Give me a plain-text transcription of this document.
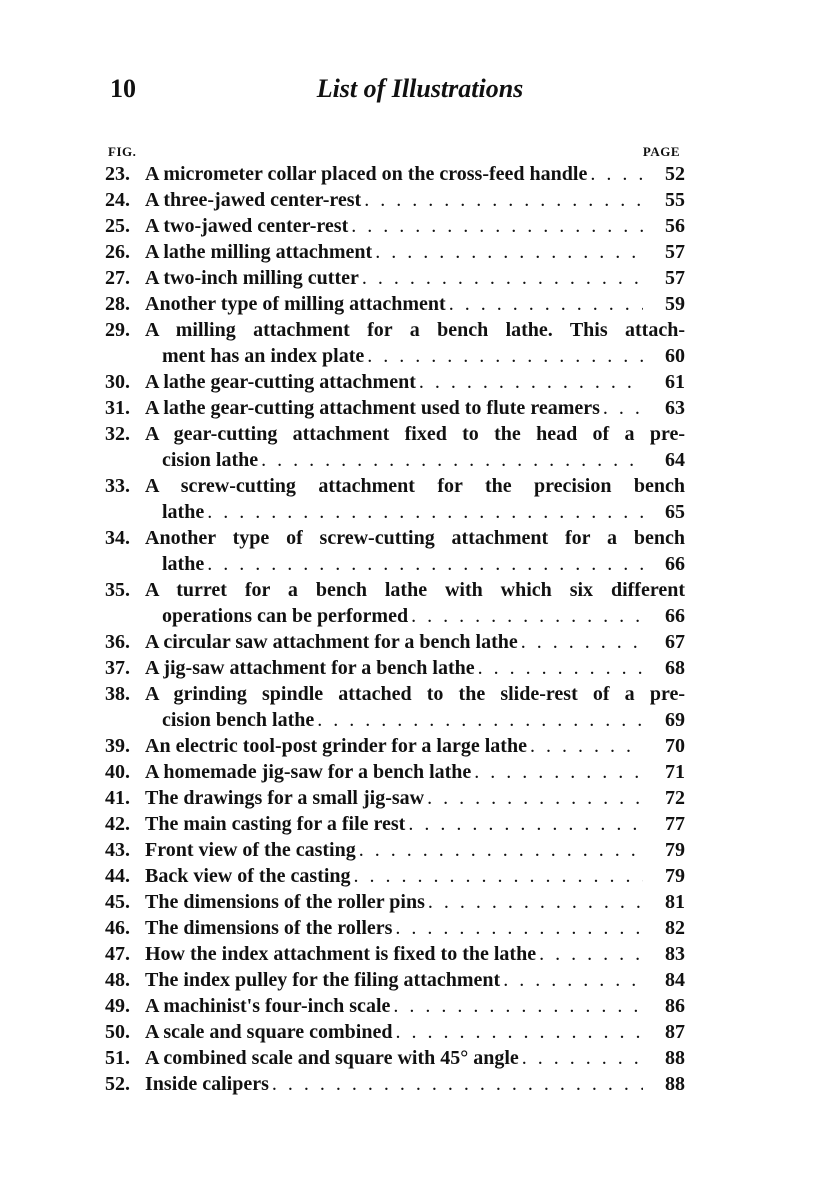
10	List of Illustrations
FIG.	PAGE
23. A micrometer collar placed on the cross-feed handle . . .	52
24. A three-jawed center-rest . . .	55
25. A two-jawed center-rest . . .	56
26. A lathe milling attachment . . .	57
27. A two-inch milling cutter . . .	57
28. Another type of milling attachment . . .	59
29. A milling attachment for a bench lathe. This attach-
ment has an index plate . . .	60
30. A lathe gear-cutting attachment . . .	61
31. A lathe gear-cutting attachment used to flute reamers . . .	63
32. A gear-cutting attachment fixed to the head of a pre-
cision lathe . . .	64
33. A screw-cutting attachment for the precision bench
lathe . . .	65
34. Another type of screw-cutting attachment for a bench
lathe . . .	66
35. A turret for a bench lathe with which six different
operations can be performed . . .	66
36. A circular saw attachment for a bench lathe . . .	67
37. A jig-saw attachment for a bench lathe . . .	68
38. A grinding spindle attached to the slide-rest of a pre-
cision bench lathe . . .	69
39. An electric tool-post grinder for a large lathe . . .	70
40. A homemade jig-saw for a bench lathe . . .	71
41. The drawings for a small jig-saw . . .	72
42. The main casting for a file rest . . .	77
43. Front view of the casting . . .	79
44. Back view of the casting . . .	79
45. The dimensions of the roller pins . . .	81
46. The dimensions of the rollers . . .	82
47. How the index attachment is fixed to the lathe . . .	83
48. The index pulley for the filing attachment . . .	84
49. A machinist's four-inch scale . . .	86
50. A scale and square combined . . .	87
51. A combined scale and square with 45° angle . . .	88
52. Inside calipers . . .	88
